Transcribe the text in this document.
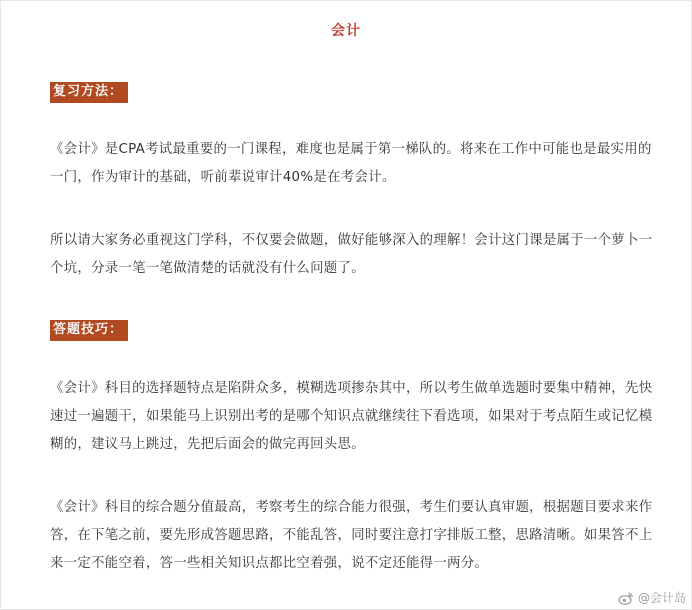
会计
复习方法：
《会计》是CPA考试最重要的一门课程，难度也是属于第一梯队的。将来在工作中可能也是最实用的一门，作为审计的基础，听前辈说审计40%是在考会计。
所以请大家务必重视这门学科，不仅要会做题，做好能够深入的理解！会计这门课是属于一个萝卜一个坑，分录一笔一笔做清楚的话就没有什么问题了。
答题技巧：
《会计》科目的选择题特点是陷阱众多，模糊选项掺杂其中，所以考生做单选题时要集中精神，先快速过一遍题干，如果能马上识别出考的是哪个知识点就继续往下看选项，如果对于考点陌生或记忆模糊的，建议马上跳过，先把后面会的做完再回头思。
《会计》科目的综合题分值最高，考察考生的综合能力很强，考生们要认真审题，根据题目要求来作答，在下笔之前，要先形成答题思路，不能乱答，同时要注意打字排版工整，思路清晰。如果答不上来一定不能空着，答一些相关知识点都比空着强，说不定还能得一两分。
@会计岛
